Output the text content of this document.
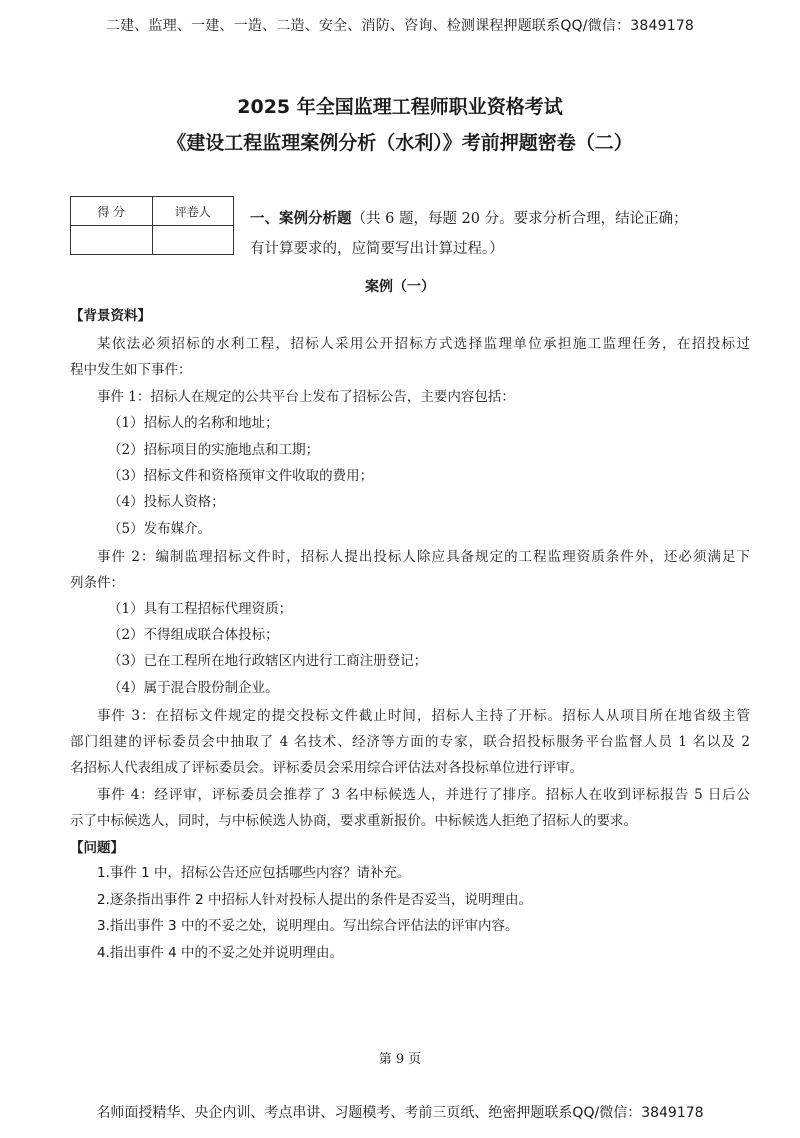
二建、监理、一建、一造、二造、安全、消防、咨询、检测课程押题联系QQ/微信：3849178
2025 年全国监理工程师职业资格考试
《建设工程监理案例分析（水利）》考前押题密卷（二）
得 分	评卷人
		一、案例分析题（共 6 题，每题 20 分。要求分析合理，结论正确；
有计算要求的，应简要写出计算过程。）
案例（一）
【背景资料】
某依法必须招标的水利工程，招标人采用公开招标方式选择监理单位承担施工监理任务，在招投标过
程中发生如下事件：
事件 1：招标人在规定的公共平台上发布了招标公告，主要内容包括：
（1）招标人的名称和地址；
（2）招标项目的实施地点和工期；
（3）招标文件和资格预审文件收取的费用；
（4）投标人资格；
（5）发布媒介。
事件 2：编制监理招标文件时，招标人提出投标人除应具备规定的工程监理资质条件外，还必须满足下
列条件：
（1）具有工程招标代理资质；
（2）不得组成联合体投标；
（3）已在工程所在地行政辖区内进行工商注册登记；
（4）属于混合股份制企业。
事件 3：在招标文件规定的提交投标文件截止时间，招标人主持了开标。招标人从项目所在地省级主管
部门组建的评标委员会中抽取了 4 名技术、经济等方面的专家，联合招投标服务平台监督人员 1 名以及 2
名招标人代表组成了评标委员会。评标委员会采用综合评估法对各投标单位进行评审。
事件 4：经评审，评标委员会推荐了 3 名中标候选人，并进行了排序。招标人在收到评标报告 5 日后公
示了中标候选人，同时，与中标候选人协商，要求重新报价。中标候选人拒绝了招标人的要求。
【问题】
1.事件 1 中，招标公告还应包括哪些内容？请补充。
2.逐条指出事件 2 中招标人针对投标人提出的条件是否妥当，说明理由。
3.指出事件 3 中的不妥之处，说明理由。写出综合评估法的评审内容。
4.指出事件 4 中的不妥之处并说明理由。
第 9 页
名师面授精华、央企内训、考点串讲、习题模考、考前三页纸、绝密押题联系QQ/微信：3849178
